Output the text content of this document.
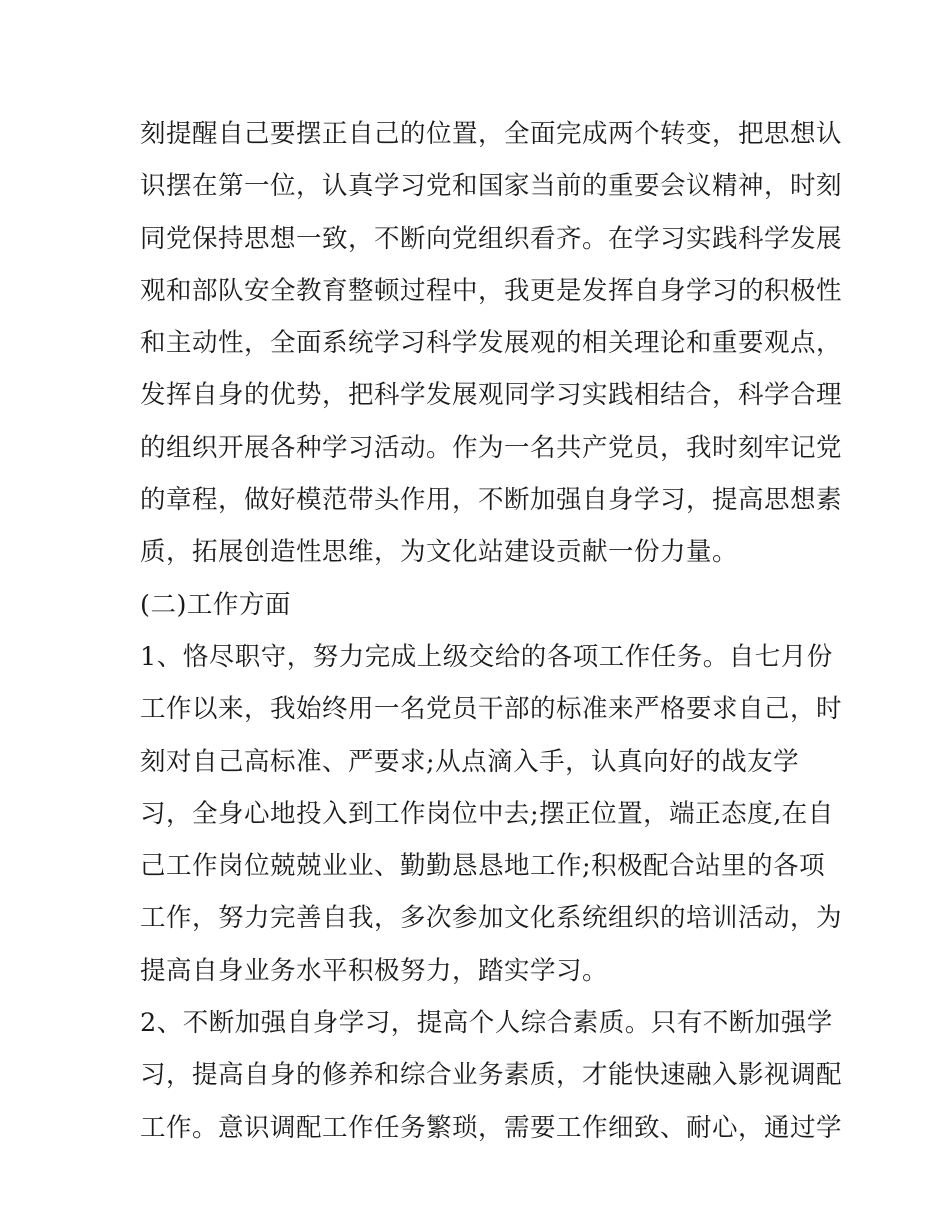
刻提醒自己要摆正自己的位置，全面完成两个转变，把思想认
识摆在第一位，认真学习党和国家当前的重要会议精神，时刻
同党保持思想一致，不断向党组织看齐。在学习实践科学发展
观和部队安全教育整顿过程中，我更是发挥自身学习的积极性
和主动性，全面系统学习科学发展观的相关理论和重要观点，
发挥自身的优势，把科学发展观同学习实践相结合，科学合理
的组织开展各种学习活动。作为一名共产党员，我时刻牢记党
的章程，做好模范带头作用，不断加强自身学习，提高思想素
质，拓展创造性思维，为文化站建设贡献一份力量。
(二)工作方面
1、恪尽职守，努力完成上级交给的各项工作任务。自七月份
工作以来，我始终用一名党员干部的标准来严格要求自己，时
刻对自己高标准、严要求;从点滴入手，认真向好的战友学
习，全身心地投入到工作岗位中去;摆正位置，端正态度,在自
己工作岗位兢兢业业、勤勤恳恳地工作;积极配合站里的各项
工作，努力完善自我，多次参加文化系统组织的培训活动，为
提高自身业务水平积极努力，踏实学习。
2、不断加强自身学习，提高个人综合素质。只有不断加强学
习，提高自身的修养和综合业务素质，才能快速融入影视调配
工作。意识调配工作任务繁琐，需要工作细致、耐心，通过学
